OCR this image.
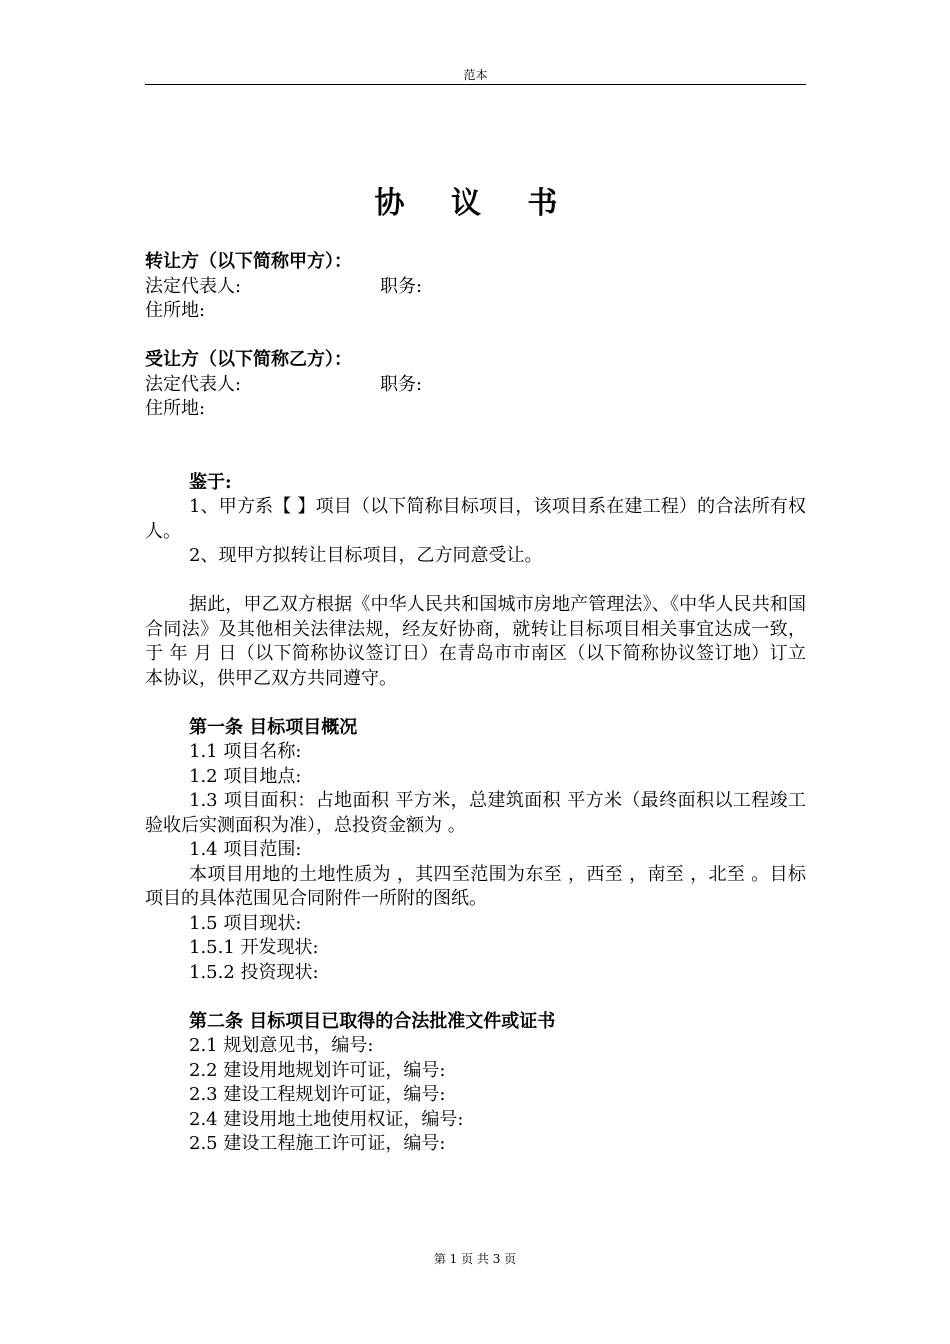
范本
协 议 书

转让方（以下简称甲方）：

法定代表人:	职务:

住所地:

受让方（以下简称乙方）：

法定代表人:	职务:

住所地:

鉴于:

1、甲方系【 】项目（以下简称目标项目，该项目系在建工程）的合法所有权人。

2、现甲方拟转让目标项目，乙方同意受让。

据此，甲乙双方根据《中华人民共和国城市房地产管理法》、《中华人民共和国合同法》及其他相关法律法规，经友好协商，就转让目标项目相关事宜达成一致，于 年 月 日（以下简称协议签订日）在青岛市市南区（以下简称协议签订地）订立本协议，供甲乙双方共同遵守。

第一条 目标项目概况

1.1 项目名称:

1.2 项目地点:

1.3 项目面积：占地面积 平方米，总建筑面积 平方米（最终面积以工程竣工验收后实测面积为准），总投资金额为 。

1.4 项目范围:

本项目用地的土地性质为 ，其四至范围为东至 ，西至 ，南至 ，北至 。目标项目的具体范围见合同附件一所附的图纸。

1.5 项目现状:

1.5.1 开发现状:

1.5.2 投资现状:

第二条 目标项目已取得的合法批准文件或证书

2.1 规划意见书，编号:

2.2 建设用地规划许可证，编号:

2.3 建设工程规划许可证，编号:

2.4 建设用地土地使用权证，编号:

2.5 建设工程施工许可证，编号:

第 1 页 共 3 页
